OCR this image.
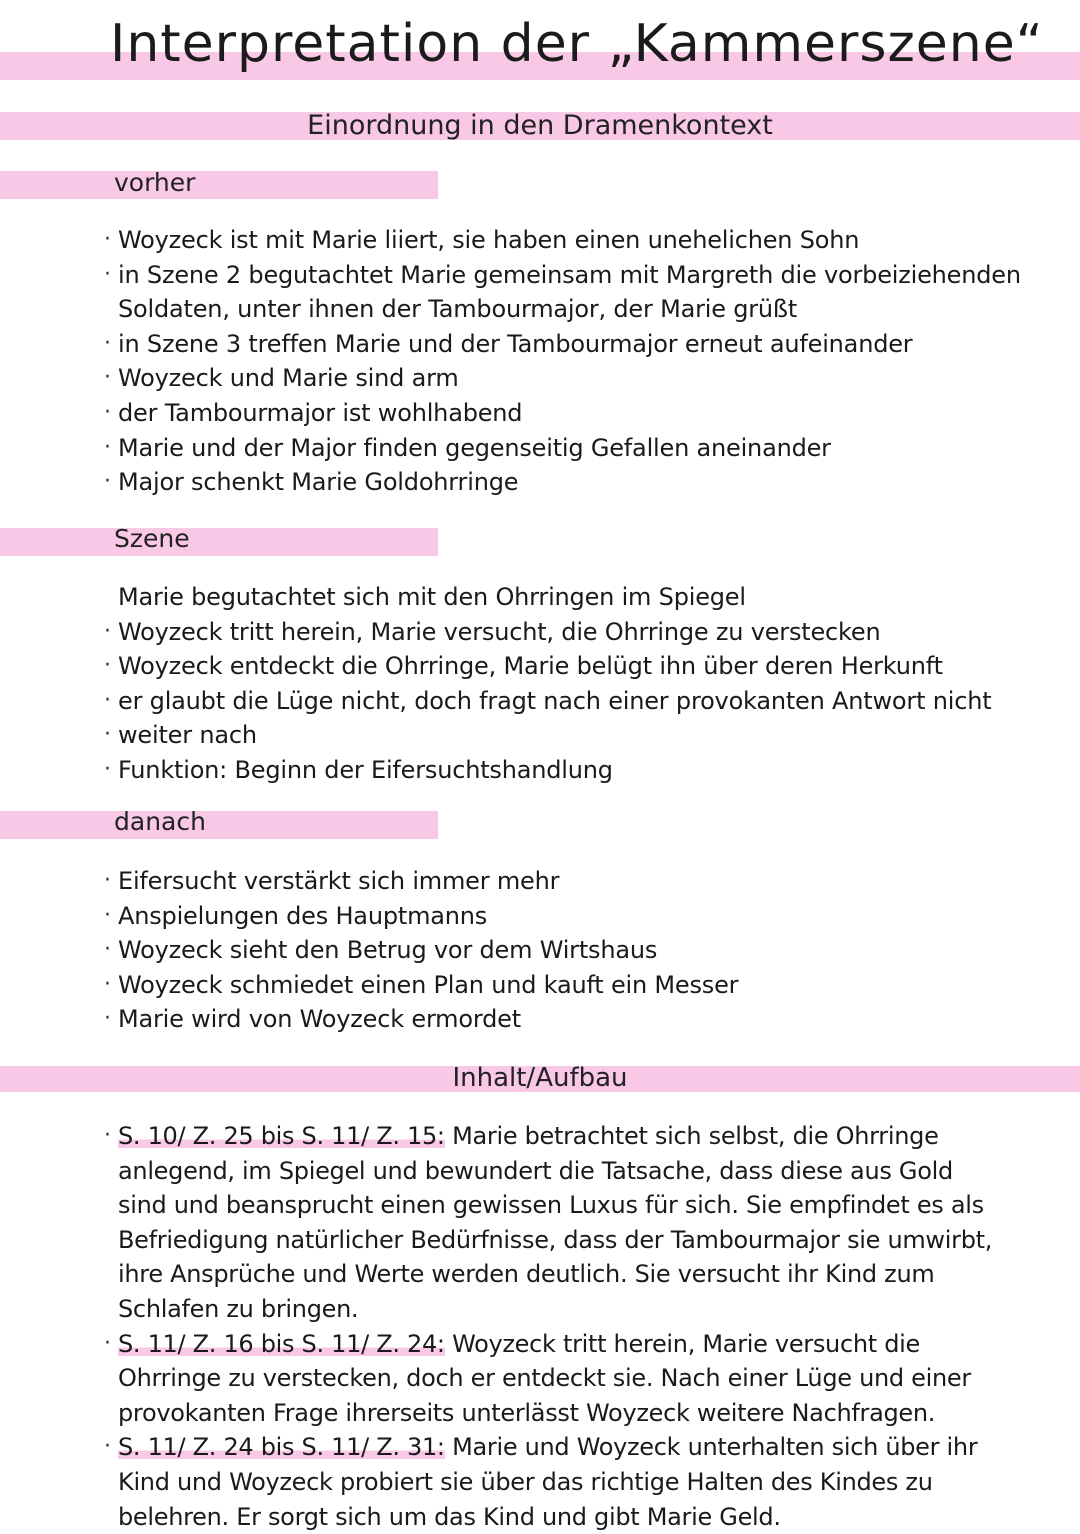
Interpretation der „Kammerszene“
Einordnung in den Dramenkontext
vorher
· Woyzeck ist mit Marie liiert, sie haben einen unehelichen Sohn
· in Szene 2 begutachtet Marie gemeinsam mit Margreth die vorbeiziehenden
Soldaten, unter ihnen der Tambourmajor, der Marie grüßt
· in Szene 3 treffen Marie und der Tambourmajor erneut aufeinander
· Woyzeck und Marie sind arm
· der Tambourmajor ist wohlhabend
· Marie und der Major finden gegenseitig Gefallen aneinander
· Major schenkt Marie Goldohrringe
Szene
Marie begutachtet sich mit den Ohrringen im Spiegel
· Woyzeck tritt herein, Marie versucht, die Ohrringe zu verstecken
· Woyzeck entdeckt die Ohrringe, Marie belügt ihn über deren Herkunft
· er glaubt die Lüge nicht, doch fragt nach einer provokanten Antwort nicht
· weiter nach
· Funktion: Beginn der Eifersuchtshandlung
danach
· Eifersucht verstärkt sich immer mehr
· Anspielungen des Hauptmanns
· Woyzeck sieht den Betrug vor dem Wirtshaus
· Woyzeck schmiedet einen Plan und kauft ein Messer
· Marie wird von Woyzeck ermordet
Inhalt/Aufbau
· S. 10/ Z. 25 bis S. 11/ Z. 15: Marie betrachtet sich selbst, die Ohrringe anlegend, im Spiegel und bewundert die Tatsache, dass diese aus Gold sind und beansprucht einen gewissen Luxus für sich. Sie empfindet es als Befriedigung natürlicher Bedürfnisse, dass der Tambourmajor sie umwirbt, ihre Ansprüche und Werte werden deutlich. Sie versucht ihr Kind zum Schlafen zu bringen.
· S. 11/ Z. 16 bis S. 11/ Z. 24: Woyzeck tritt herein, Marie versucht die Ohrringe zu verstecken, doch er entdeckt sie. Nach einer Lüge und einer provokanten Frage ihrerseits unterlässt Woyzeck weitere Nachfragen.
· S. 11/ Z. 24 bis S. 11/ Z. 31: Marie und Woyzeck unterhalten sich über ihr Kind und Woyzeck probiert sie über das richtige Halten des Kindes zu belehren. Er sorgt sich um das Kind und gibt Marie Geld.
